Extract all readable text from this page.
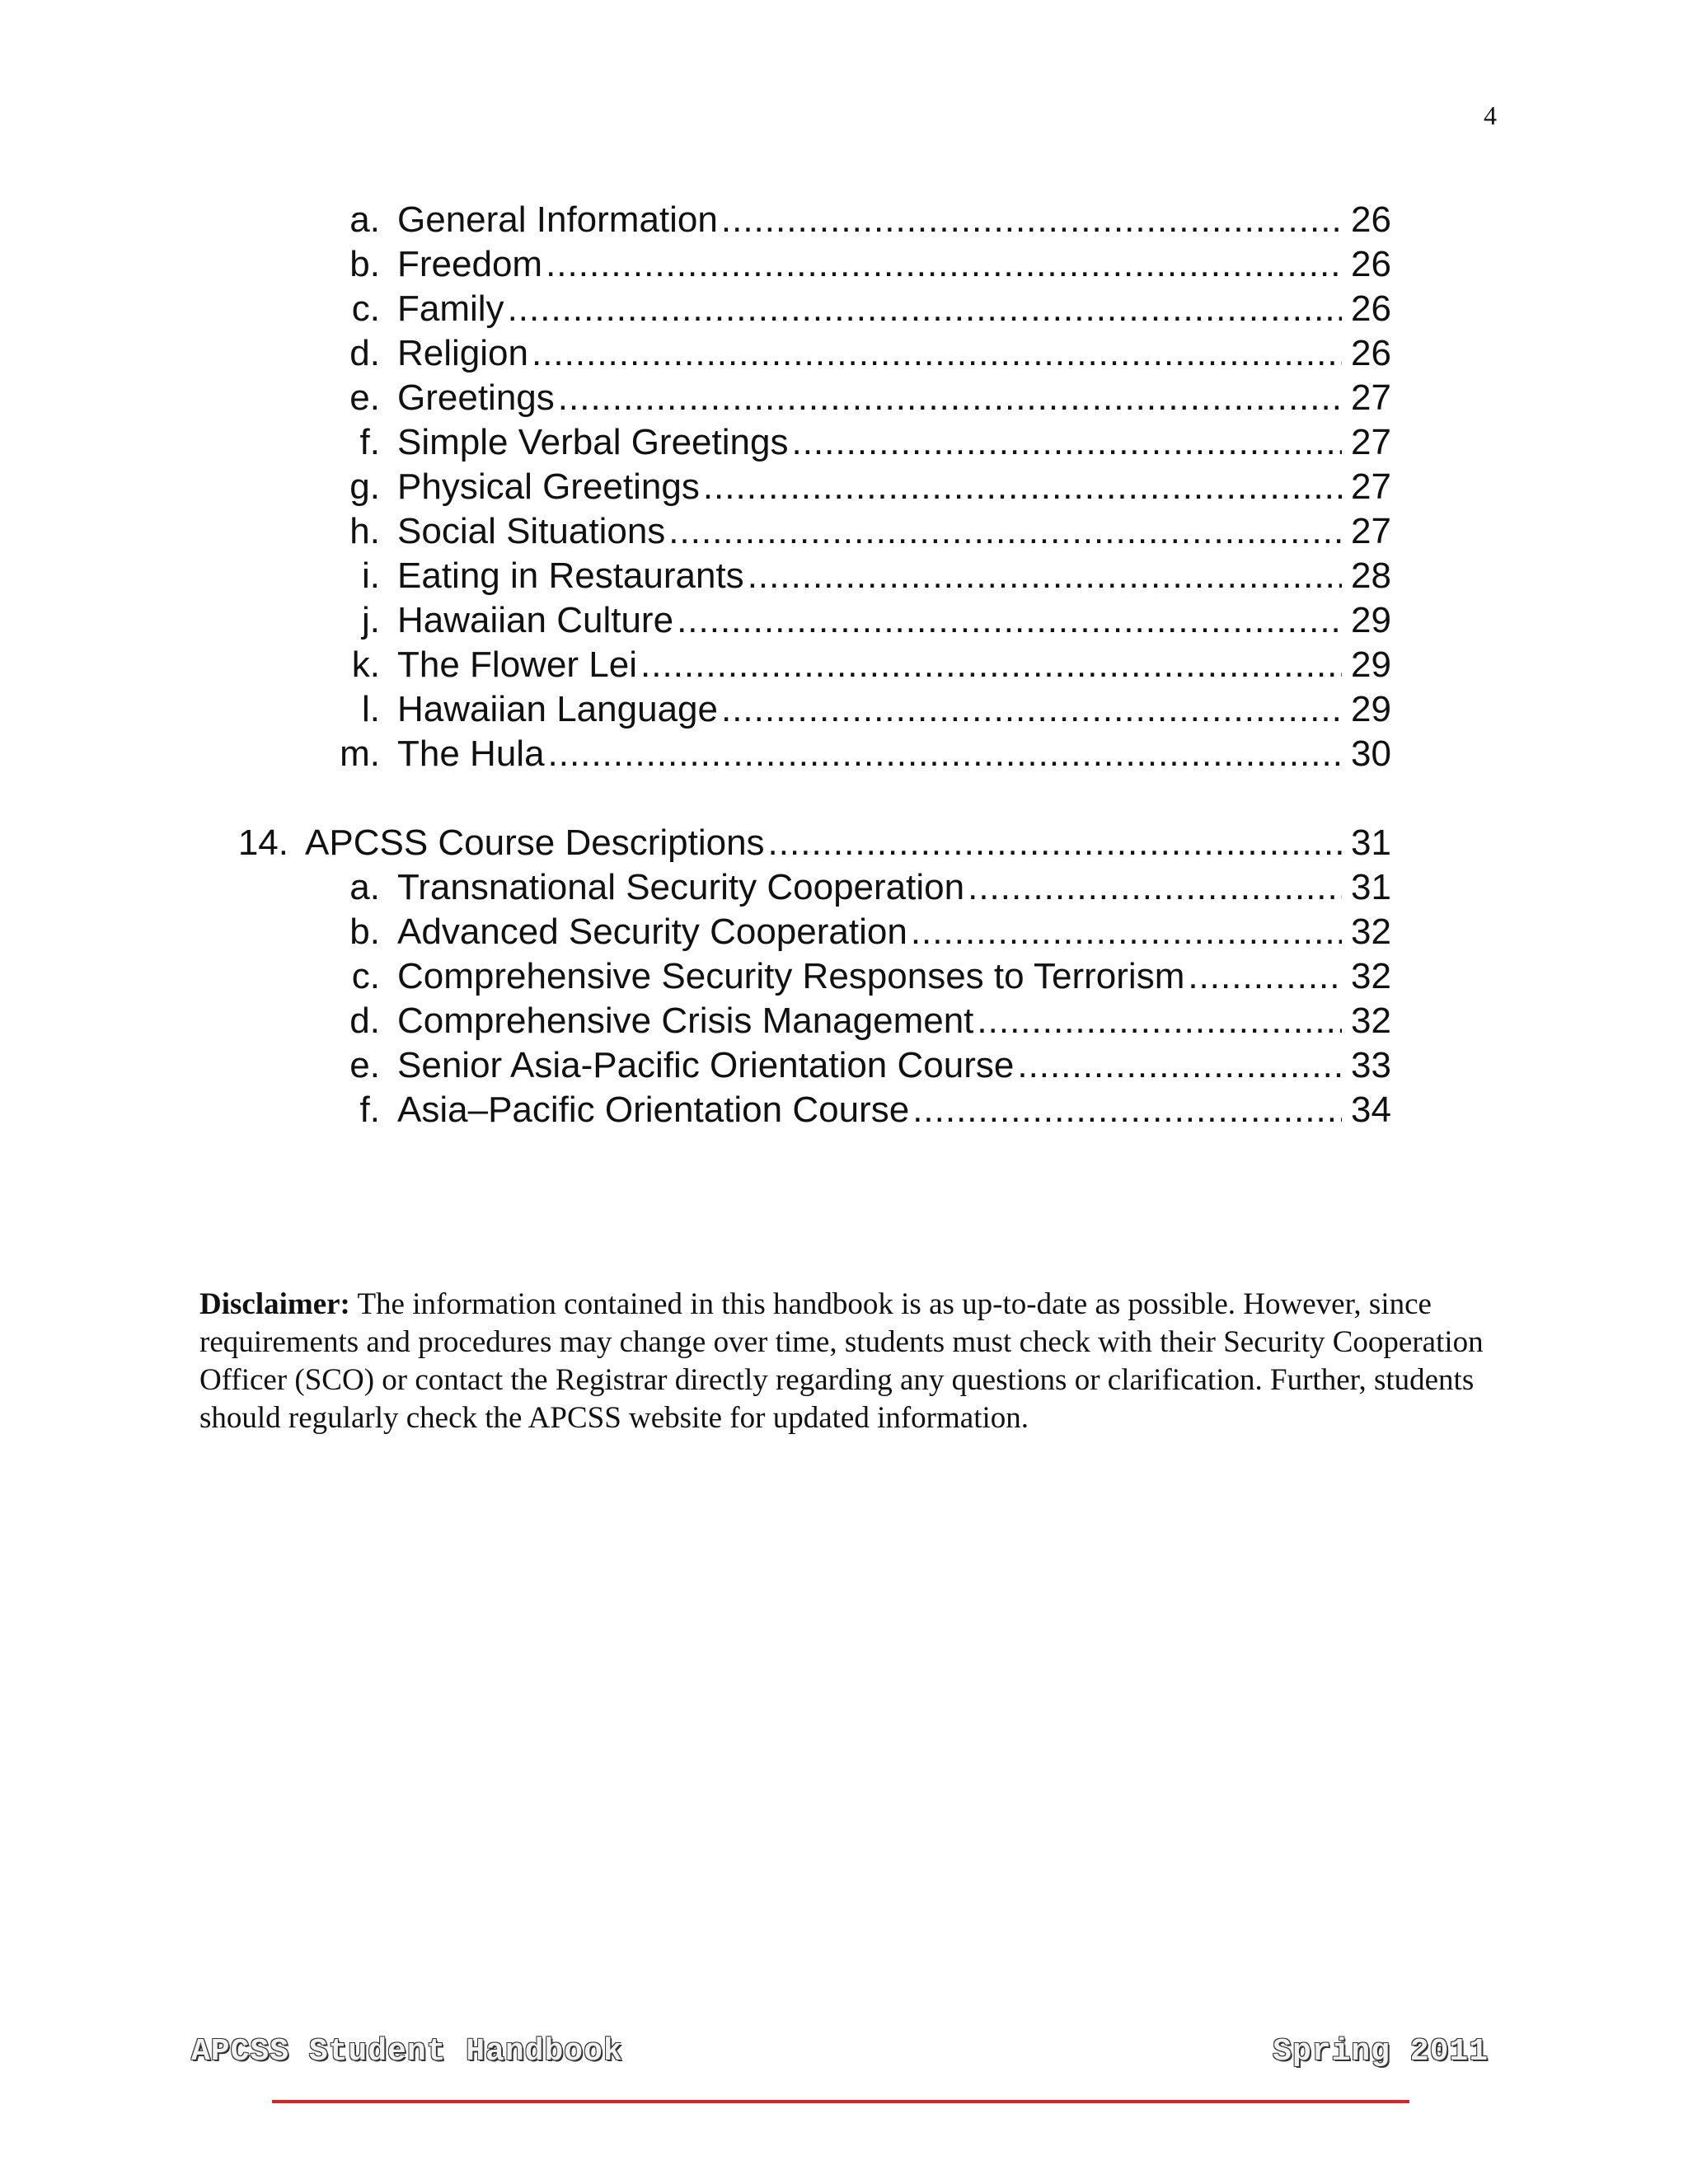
4
a. General Information .....	26
b. Freedom .....	26
c. Family .....	26
d. Religion .....	26
e. Greetings .....	27
f. Simple Verbal Greetings .....	27
g. Physical Greetings .....	27
h. Social Situations .....	27
i. Eating in Restaurants .....	28
j. Hawaiian Culture .....	29
k. The Flower Lei .....	29
l. Hawaiian Language .....	29
m. The Hula .....	30
14. APCSS Course Descriptions .....	31
a. Transnational Security Cooperation .....	31
b. Advanced Security Cooperation .....	32
c. Comprehensive Security Responses to Terrorism .....	32
d. Comprehensive Crisis Management .....	32
e. Senior Asia-Pacific Orientation Course .....	33
f. Asia–Pacific Orientation Course .....	34
Disclaimer: The information contained in this handbook is as up-to-date as possible. However, since requirements and procedures may change over time, students must check with their Security Cooperation Officer (SCO) or contact the Registrar directly regarding any questions or clarification. Further, students should regularly check the APCSS website for updated information.
APCSS Student Handbook	Spring 2011
